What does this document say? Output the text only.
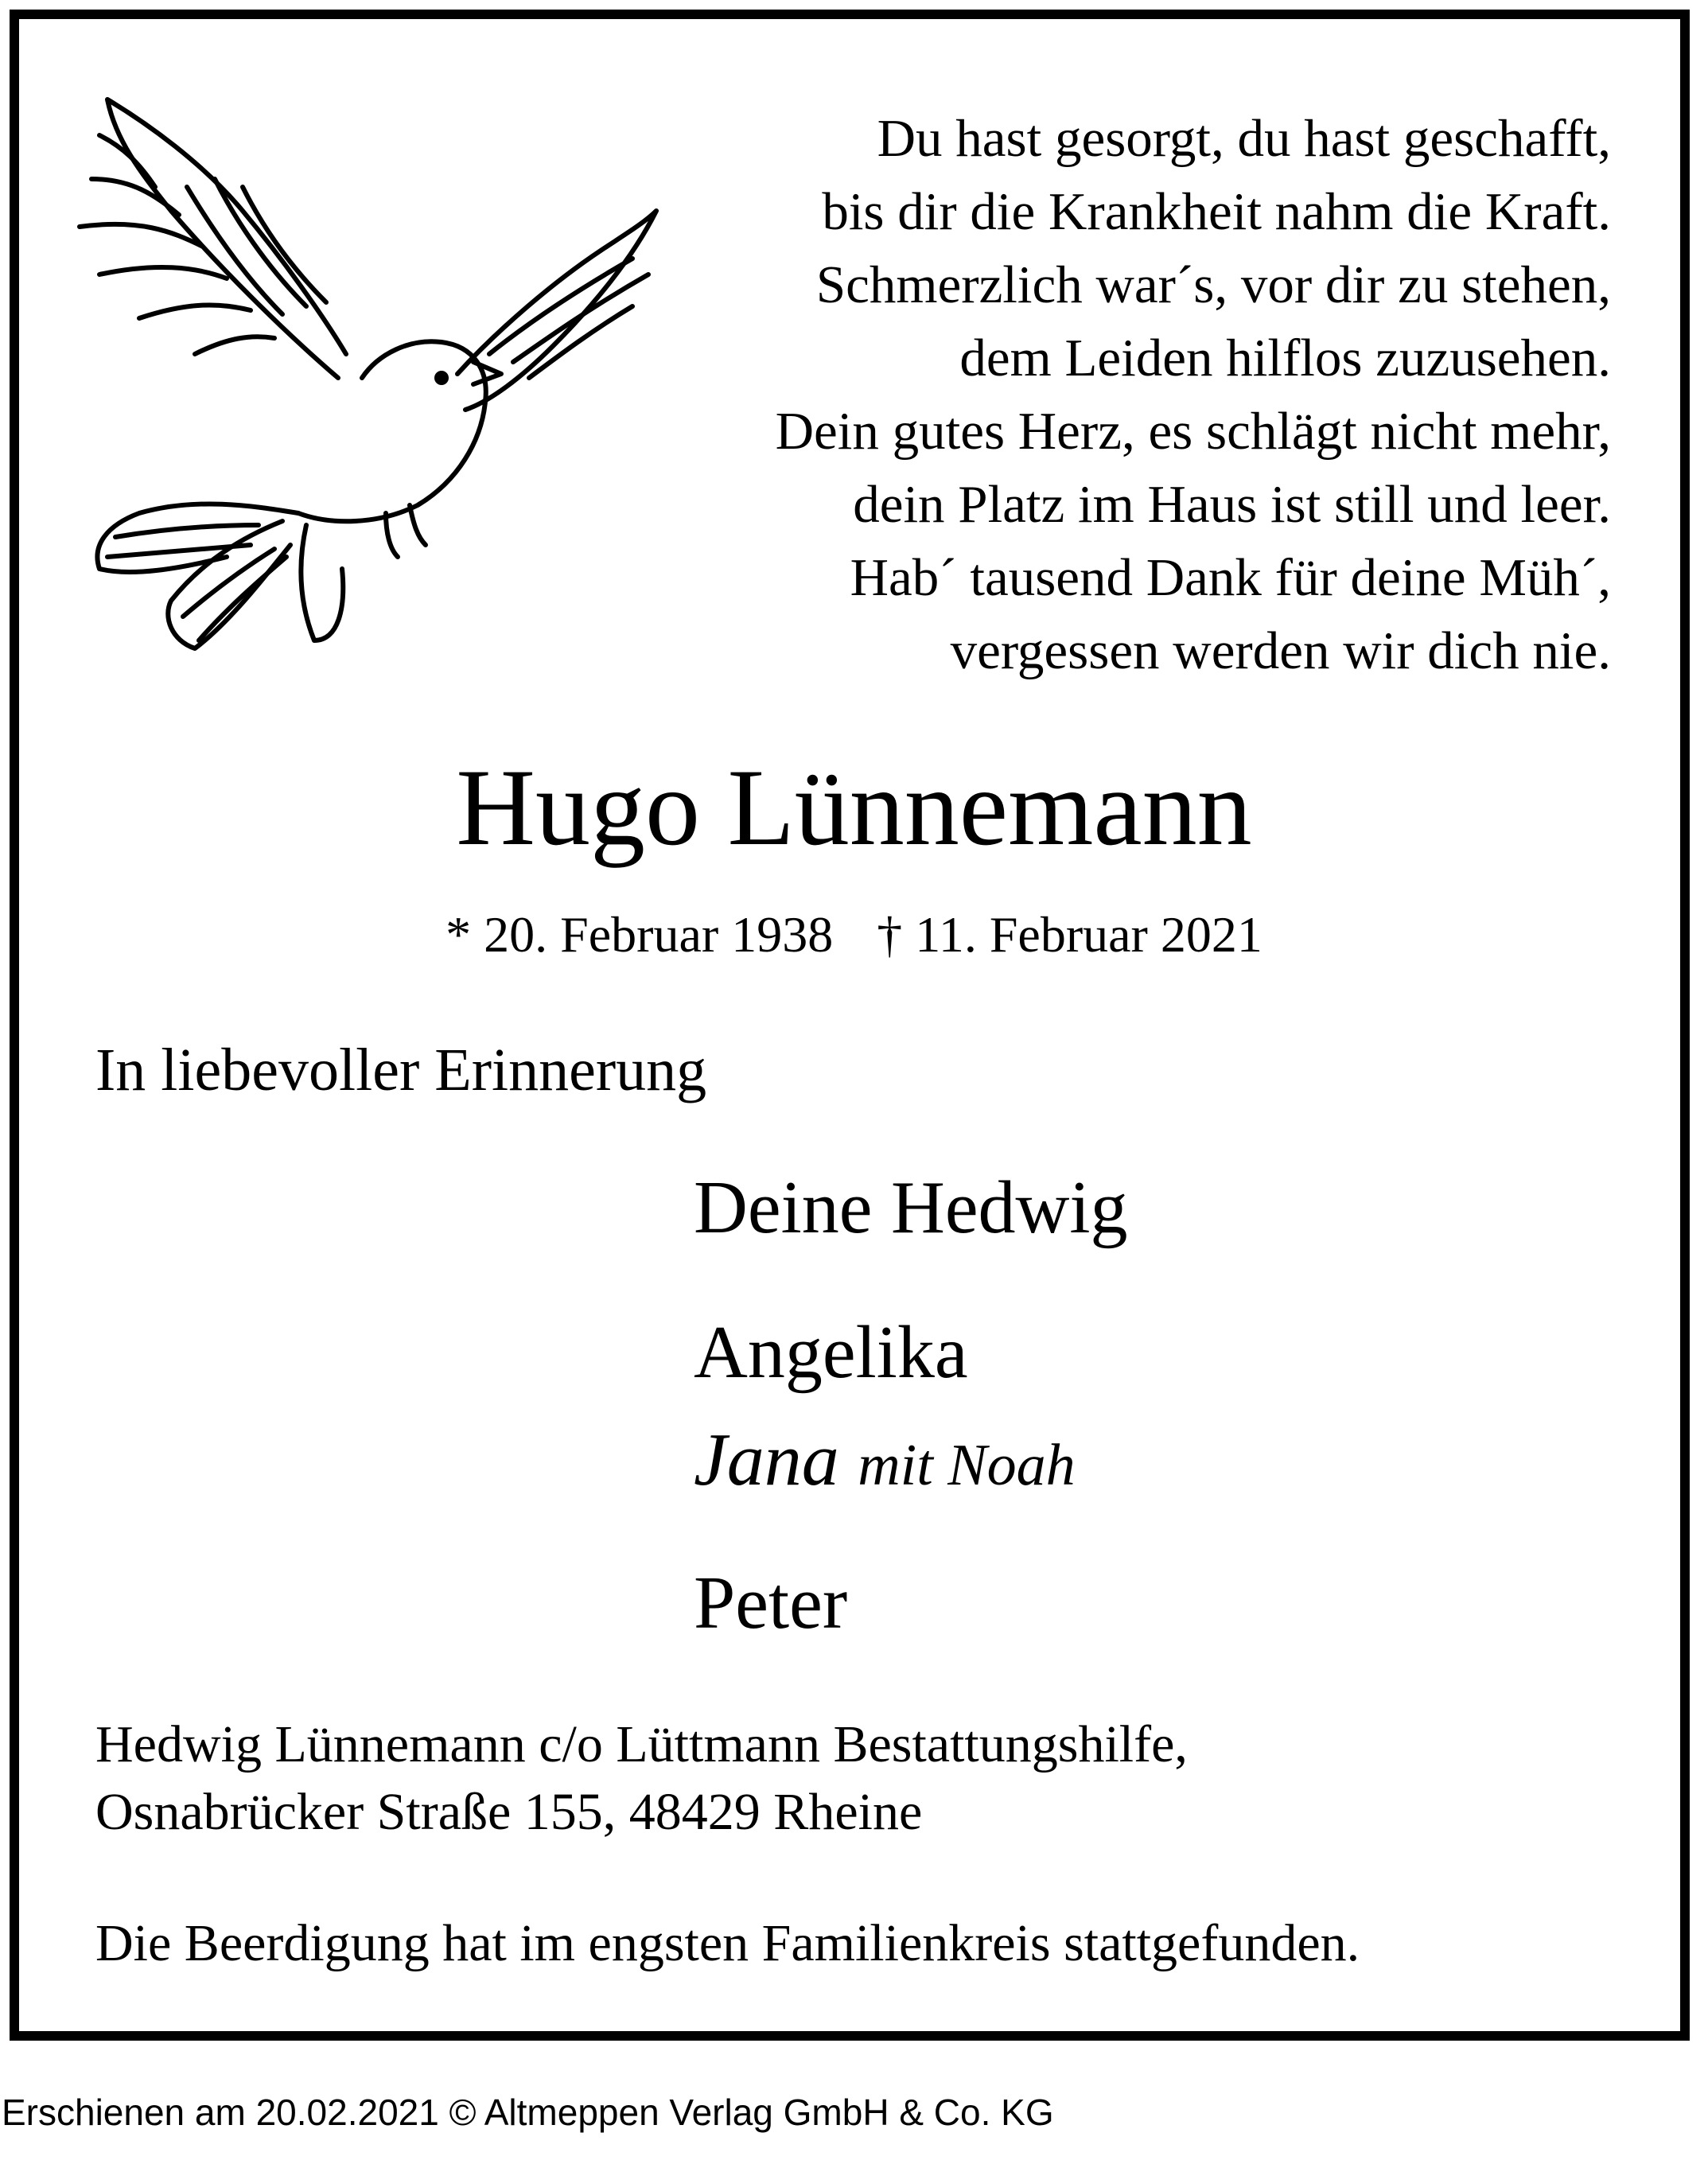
Du hast gesorgt, du hast geschafft,
bis dir die Krankheit nahm die Kraft.
Schmerzlich war´s, vor dir zu stehen,
dem Leiden hilflos zuzusehen.
Dein gutes Herz, es schlägt nicht mehr,
dein Platz im Haus ist still und leer.
Hab´ tausend Dank für deine Müh´,
vergessen werden wir dich nie.
Hugo Lünnemann
* 20. Februar 1938 † 11. Februar 2021
In liebevoller Erinnerung
Deine Hedwig
Angelika
Jana mit Noah
Peter
Hedwig Lünnemann c/o Lüttmann Bestattungshilfe,
Osnabrücker Straße 155, 48429 Rheine
Die Beerdigung hat im engsten Familienkreis stattgefunden.
Erschienen am 20.02.2021 © Altmeppen Verlag GmbH & Co. KG
